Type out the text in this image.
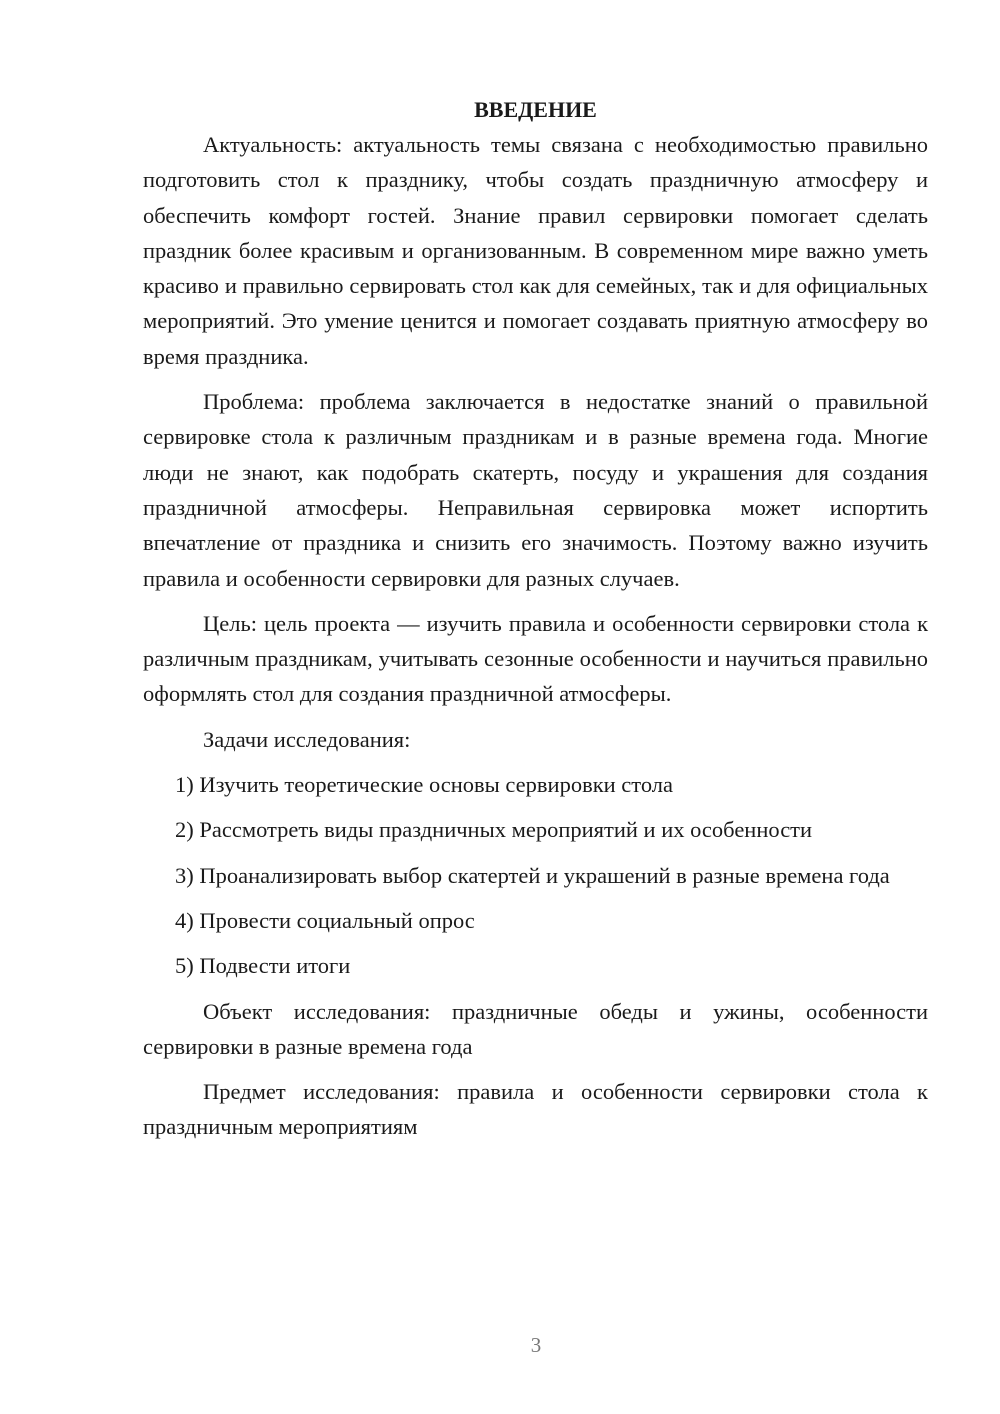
ВВЕДЕНИЕ

Актуальность: актуальность темы связана с необходимостью правильно подготовить стол к празднику, чтобы создать праздничную атмосферу и обеспечить комфорт гостей. Знание правил сервировки помогает сделать праздник более красивым и организованным. В современном мире важно уметь красиво и правильно сервировать стол как для семейных, так и для официальных мероприятий. Это умение ценится и помогает создавать приятную атмосферу во время праздника.

Проблема: проблема заключается в недостатке знаний о правильной сервировке стола к различным праздникам и в разные времена года. Многие люди не знают, как подобрать скатерть, посуду и украшения для создания праздничной атмосферы. Неправильная сервировка может испортить впечатление от праздника и снизить его значимость. Поэтому важно изучить правила и особенности сервировки для разных случаев.

Цель: цель проекта — изучить правила и особенности сервировки стола к различным праздникам, учитывать сезонные особенности и научиться правильно оформлять стол для создания праздничной атмосферы.

Задачи исследования:

1) Изучить теоретические основы сервировки стола

2) Рассмотреть виды праздничных мероприятий и их особенности

3) Проанализировать выбор скатертей и украшений в разные времена года

4) Провести социальный опрос

5) Подвести итоги

Объект исследования: праздничные обеды и ужины, особенности сервировки в разные времена года

Предмет исследования: правила и особенности сервировки стола к праздничным мероприятиям

3
